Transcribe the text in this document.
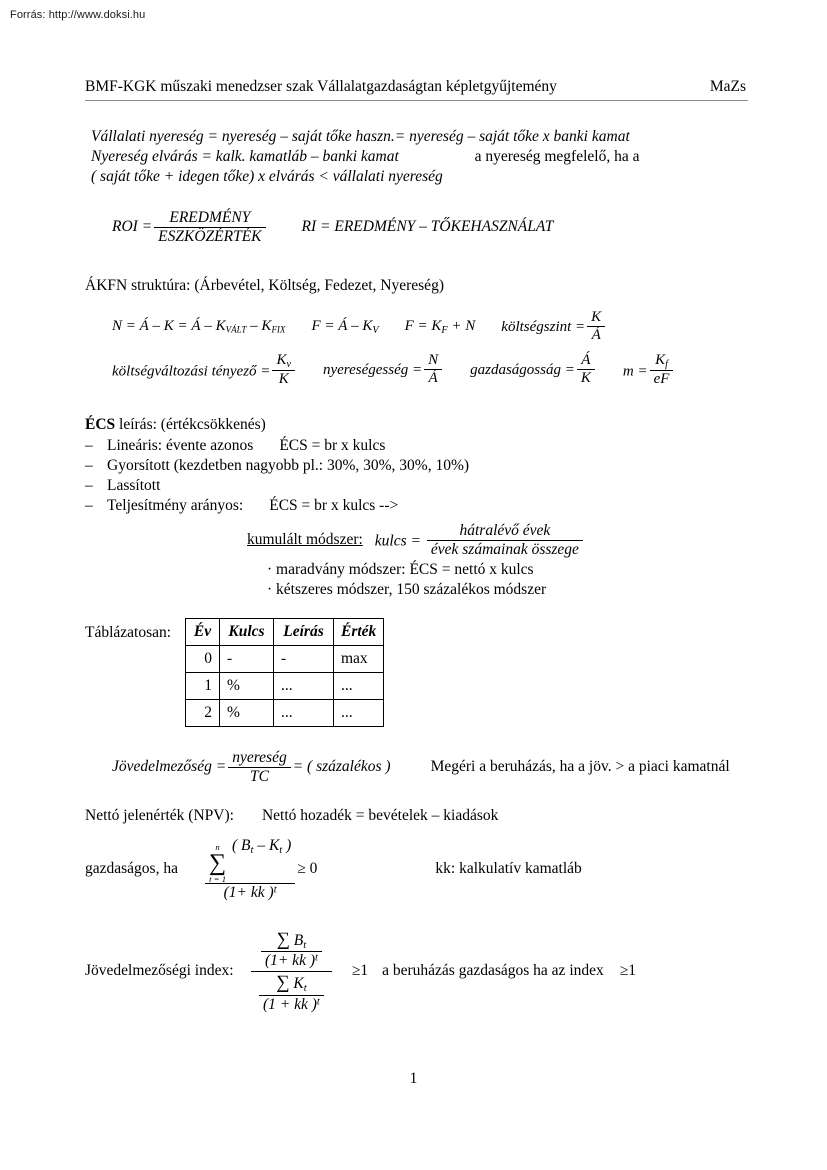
Forrás: http://www.doksi.hu
BMF-KGK műszaki menedzser szak Vállalatgazdaságtan képletgyűjtemény	MaZs
Vállalati nyereség = nyereség – saját tőke haszn.= nyereség – saját tőke x banki kamat
Nyereség elvárás = kalk. kamatláb – banki kamat	a nyereség megfelelő, ha a
( saját tőke + idegen tőke) x elvárás < vállalati nyereség
ROI = $\frac{\text{EREDMÉNY}}{\text{ESZKÖZÉRTÉK}}$ RI = EREDMÉNY – TŐKEHASZNÁLAT
ÁKFN struktúra: (Árbevétel, Költség, Fedezet, Nyereség)
N = Á – K = Á – KVÁLT – KFIX F = Á – $K_V$ $F = K_F + N$ költségszint = $\frac{K}{Á}$
költségváltozási tényező = $\frac{K_v}{K}$ nyereségesség = $\frac{N}{Á}$ gazdaságosság = $\frac{Á}{K}$ $m = \frac{K_f}{eF}$
ÉCS leírás: (értékcsökkenés)
– Lineáris: évente azonos ÉCS = br x kulcs
– Gyorsított (kezdetben nagyobb pl.: 30%, 30%, 30%, 10%)
– Lassított
– Teljesítmény arányos: ÉCS = br x kulcs -->
kumulált módszer: kulcs = $\frac{\text{hátralévő évek}}{\text{évek számainak összege}}$
· maradvány módszer: ÉCS = nettó x kulcs
· kétszeres módszer, 150 százalékos módszer
Táblázatosan:	Év	Kulcs	Leírás	Érték
0	-	-	max
1	%	...	...
2	%	...	...
Jövedelmezőség = $\frac{\text{nyereség}}{TC}$ = ( százalékos )	Megéri a beruházás, ha a jöv. > a piaci kamatnál
Nettó jelenérték (NPV): Nettó hozadék = bevételek – kiadások
gazdaságos, ha	n
∑
t = 1
( $B_t - K_t$ )
(1+ kk )$^t$ ≥ 0	kk: kalkulatív kamatláb
Jövedelmezőségi index: $\frac{\frac{\sum B_t}{(1+ kk )^t}}{\frac{\sum K_t}{(1 + kk )^t}} \ge 1$ a beruházás gazdaságos ha az index ≥1
1
